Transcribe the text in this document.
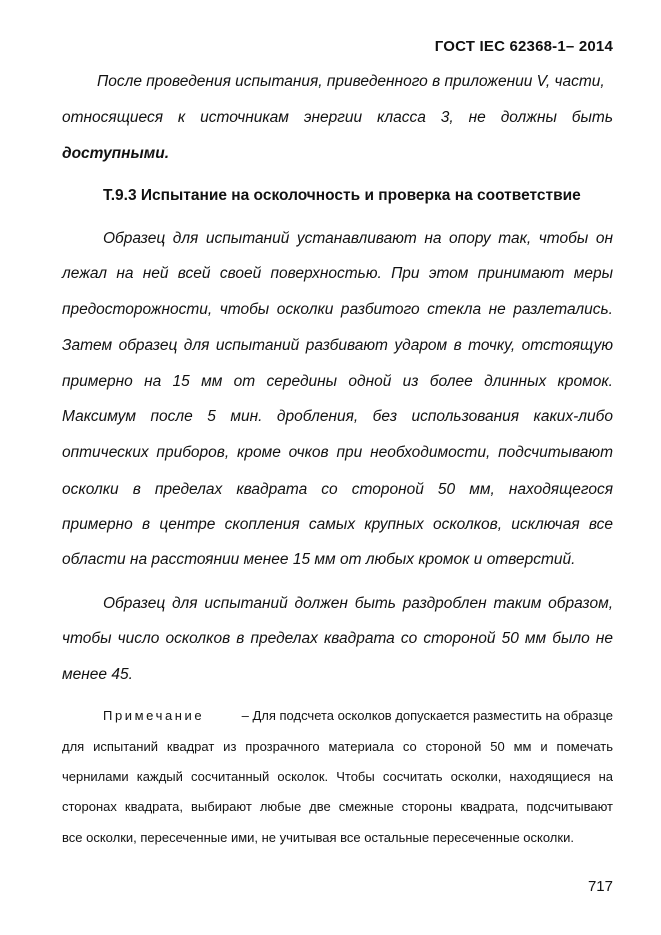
ГОСТ IEC 62368-1– 2014
После проведения испытания, приведенного в приложении V, части,
относящиеся к источникам энергии класса 3, не должны быть
доступными.
Т.9.3 Испытание на осколочность и проверка на соответствие
Образец для испытаний устанавливают на опору так, чтобы он
лежал на ней всей своей поверхностью. При этом принимают меры
предосторожности, чтобы осколки разбитого стекла не разлетались.
Затем образец для испытаний разбивают ударом в точку, отстоящую
примерно на 15 мм от середины одной из более длинных кромок.
Максимум после 5 мин. дробления, без использования каких-либо
оптических приборов, кроме очков при необходимости, подсчитывают
осколки в пределах квадрата со стороной 50 мм, находящегося
примерно в центре скопления самых крупных осколков, исключая все
области на расстоянии менее 15 мм от любых кромок и отверстий.
Образец для испытаний должен быть раздроблен таким образом,
чтобы число осколков в пределах квадрата со стороной 50 мм было не
менее 45.
Примечание	– Для подсчета осколков допускается разместить на образце
для испытаний квадрат из прозрачного материала со стороной 50 мм и помечать
чернилами каждый сосчитанный осколок. Чтобы сосчитать осколки, находящиеся на
сторонах квадрата, выбирают любые две смежные стороны квадрата, подсчитывают
все осколки, пересеченные ими, не учитывая все остальные пересеченные осколки.
717
